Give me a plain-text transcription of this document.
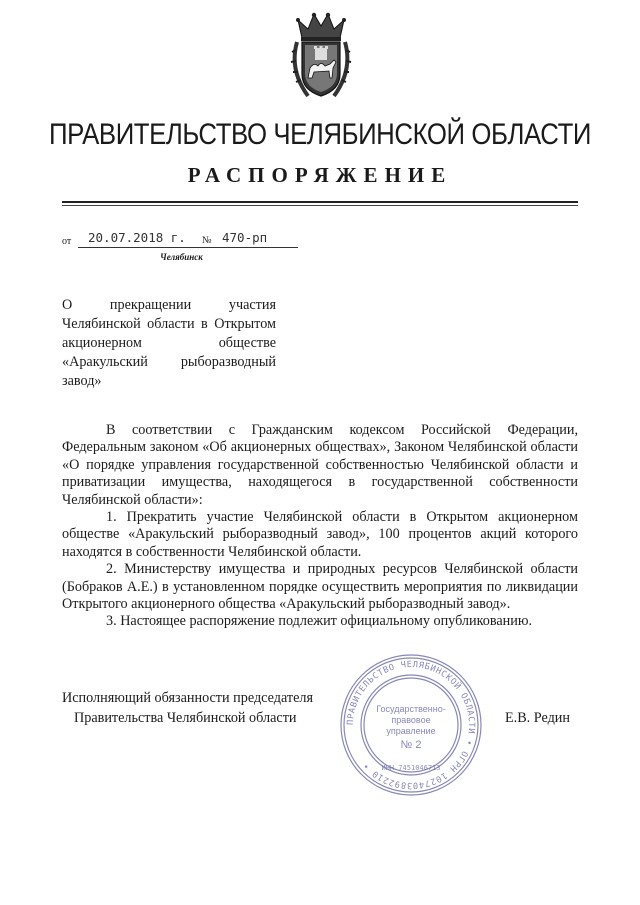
ПРАВИТЕЛЬСТВО ЧЕЛЯБИНСКОЙ ОБЛАСТИ
РАСПОРЯЖЕНИЕ
от 20.07.2018 г. № 470-рп
Челябинск
О прекращении участия Челябинской области в Открытом акционерном обществе «Аракульский рыборазводный завод»

В соответствии с Гражданским кодексом Российской Федерации, Федеральным законом «Об акционерных обществах», Законом Челябинской области «О порядке управления государственной собственностью Челябинской области и приватизации имущества, находящегося в государственной собственности Челябинской области»:

1. Прекратить участие Челябинской области в Открытом акционерном обществе «Аракульский рыборазводный завод», 100 процентов акций которого находятся в собственности Челябинской области.

2. Министерству имущества и природных ресурсов Челябинской области (Бобраков А.Е.) в установленном порядке осуществить мероприятия по ликвидации Открытого акционерного общества «Аракульский рыборазводный завод».

3. Настоящее распоряжение подлежит официальному опубликованию.

Исполняющий обязанности председателя
Правительства Челябинской области	Е.В. Редин
ПРАВИТЕЛЬСТВО ЧЕЛЯБИНСКОЙ ОБЛАСТИ • ОГРН 1027403892210 •
Государственно-
правовое
управление
№ 2
ИНН 7451046713
